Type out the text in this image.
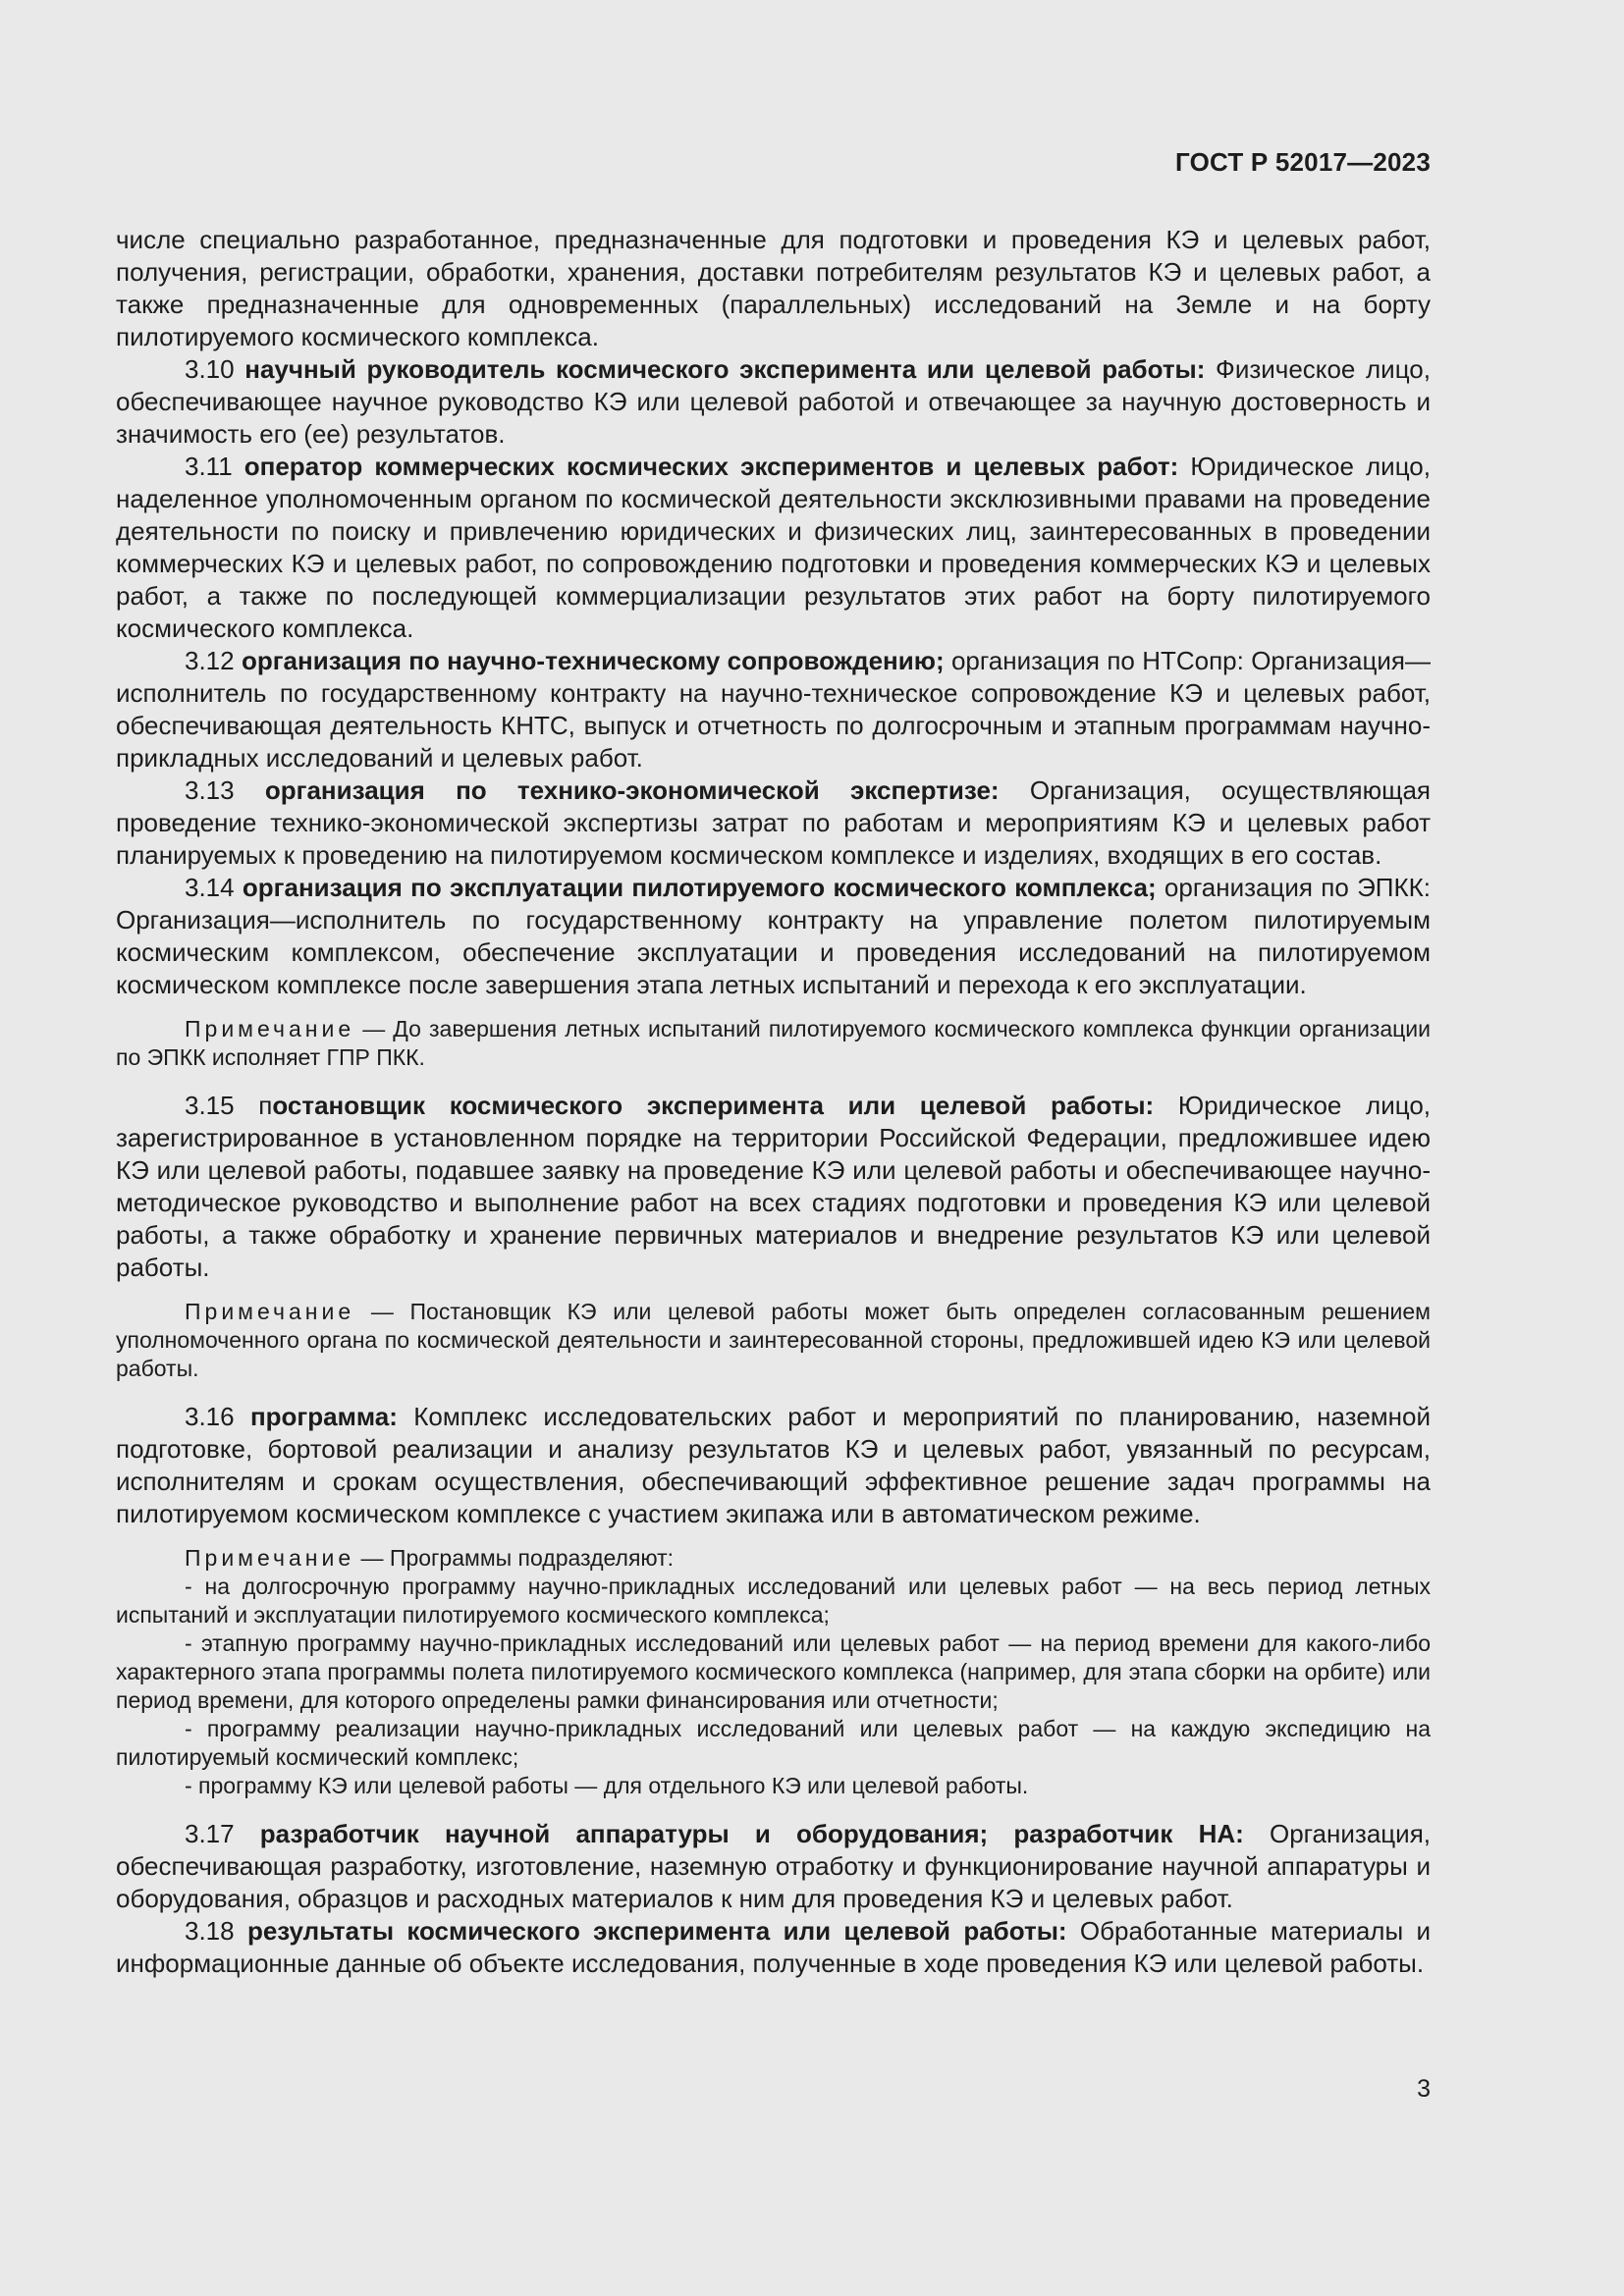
ГОСТ Р 52017—2023

числе специально разработанное, предназначенные для подготовки и проведения КЭ и целевых работ, получения, регистрации, обработки, хранения, доставки потребителям результатов КЭ и целевых работ, а также предназначенные для одновременных (параллельных) исследований на Земле и на борту пилотируемого космического комплекса.

3.10 научный руководитель космического эксперимента или целевой работы: Физическое лицо, обеспечивающее научное руководство КЭ или целевой работой и отвечающее за научную достоверность и значимость его (ее) результатов.

3.11 оператор коммерческих космических экспериментов и целевых работ: Юридическое лицо, наделенное уполномоченным органом по космической деятельности эксклюзивными правами на проведение деятельности по поиску и привлечению юридических и физических лиц, заинтересованных в проведении коммерческих КЭ и целевых работ, по сопровождению подготовки и проведения коммерческих КЭ и целевых работ, а также по последующей коммерциализации результатов этих работ на борту пилотируемого космического комплекса.

3.12 организация по научно-техническому сопровождению; организация по НТСопр: Организация—исполнитель по государственному контракту на научно-техническое сопровождение КЭ и целевых работ, обеспечивающая деятельность КНТС, выпуск и отчетность по долгосрочным и этапным программам научно-прикладных исследований и целевых работ.

3.13 организация по технико-экономической экспертизе: Организация, осуществляющая проведение технико-экономической экспертизы затрат по работам и мероприятиям КЭ и целевых работ планируемых к проведению на пилотируемом космическом комплексе и изделиях, входящих в его состав.

3.14 организация по эксплуатации пилотируемого космического комплекса; организация по ЭПКК: Организация—исполнитель по государственному контракту на управление полетом пилотируемым космическим комплексом, обеспечение эксплуатации и проведения исследований на пилотируемом космическом комплексе после завершения этапа летных испытаний и перехода к его эксплуатации.

Примечание — До завершения летных испытаний пилотируемого космического комплекса функции организации по ЭПКК исполняет ГПР ПКК.

3.15 постановщик космического эксперимента или целевой работы: Юридическое лицо, зарегистрированное в установленном порядке на территории Российской Федерации, предложившее идею КЭ или целевой работы, подавшее заявку на проведение КЭ или целевой работы и обеспечивающее научно-методическое руководство и выполнение работ на всех стадиях подготовки и проведения КЭ или целевой работы, а также обработку и хранение первичных материалов и внедрение результатов КЭ или целевой работы.

Примечание — Постановщик КЭ или целевой работы может быть определен согласованным решением уполномоченного органа по космической деятельности и заинтересованной стороны, предложившей идею КЭ или целевой работы.

3.16 программа: Комплекс исследовательских работ и мероприятий по планированию, наземной подготовке, бортовой реализации и анализу результатов КЭ и целевых работ, увязанный по ресурсам, исполнителям и срокам осуществления, обеспечивающий эффективное решение задач программы на пилотируемом космическом комплексе с участием экипажа или в автоматическом режиме.

Примечание — Программы подразделяют:

- на долгосрочную программу научно-прикладных исследований или целевых работ — на весь период летных испытаний и эксплуатации пилотируемого космического комплекса;
- этапную программу научно-прикладных исследований или целевых работ — на период времени для какого-либо характерного этапа программы полета пилотируемого космического комплекса (например, для этапа сборки на орбите) или период времени, для которого определены рамки финансирования или отчетности;
- программу реализации научно-прикладных исследований или целевых работ — на каждую экспедицию на пилотируемый космический комплекс;
- программу КЭ или целевой работы — для отдельного КЭ или целевой работы.

3.17 разработчик научной аппаратуры и оборудования; разработчик НА: Организация, обеспечивающая разработку, изготовление, наземную отработку и функционирование научной аппаратуры и оборудования, образцов и расходных материалов к ним для проведения КЭ и целевых работ.

3.18 результаты космического эксперимента или целевой работы: Обработанные материалы и информационные данные об объекте исследования, полученные в ходе проведения КЭ или целевой работы.

3
